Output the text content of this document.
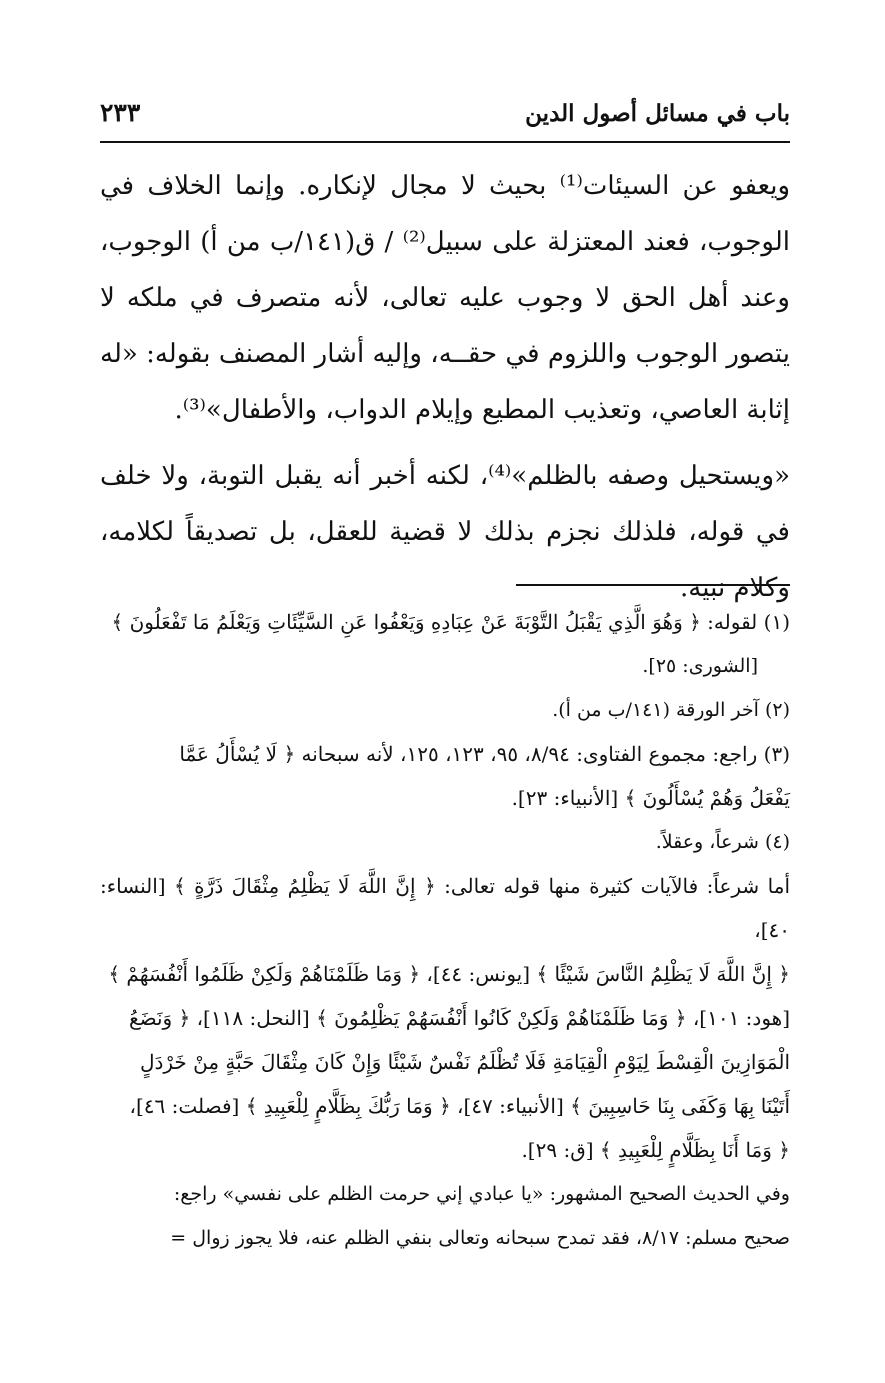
باب في مسائل أصول الدين
٢٣٣

ويعفو عن السيئات⁽¹⁾ بحيث لا مجال لإنكاره. وإنما الخلاف في الوجوب، فعند المعتزلة على سبيل⁽²⁾ / ق(١٤١/ب من أ) الوجوب، وعند أهل الحق لا وجوب عليه تعالى، لأنه متصرف في ملكه لا يتصور الوجوب واللزوم في حقــه، وإليه أشار المصنف بقوله: «له إثابة العاصي، وتعذيب المطيع وإيلام الدواب، والأطفال»⁽³⁾.

«ويستحيل وصفه بالظلم»⁽⁴⁾، لكنه أخبر أنه يقبل التوبة، ولا خلف في قوله، فلذلك نجزم بذلك لا قضية للعقل، بل تصديقاً لكلامه، وكلام نبيه.

(١) لقوله: ﴿ وَهُوَ الَّذِي يَقْبَلُ التَّوْبَةَ عَنْ عِبَادِهِ وَيَعْفُوا عَنِ السَّيِّئَاتِ وَيَعْلَمُ مَا تَفْعَلُونَ ﴾

[الشورى: ٢٥].

(٢) آخر الورقة (١٤١/ب من أ).

(٣) راجع: مجموع الفتاوى: ٨/٩٤، ٩٥، ١٢٣، ١٢٥، لأنه سبحانه ﴿ لَا يُسْأَلُ عَمَّا

يَفْعَلُ وَهُمْ يُسْأَلُونَ ﴾ [الأنبياء: ٢٣].

(٤) شرعاً، وعقلاً.

أما شرعاً: فالآيات كثيرة منها قوله تعالى: ﴿ إِنَّ اللَّهَ لَا يَظْلِمُ مِثْقَالَ ذَرَّةٍ ﴾ [النساء: ٤٠]،

﴿ إِنَّ اللَّهَ لَا يَظْلِمُ النَّاسَ شَيْئًا ﴾ [يونس: ٤٤]، ﴿ وَمَا ظَلَمْنَاهُمْ وَلَكِنْ ظَلَمُوا أَنْفُسَهُمْ ﴾

[هود: ١٠١]، ﴿ وَمَا ظَلَمْنَاهُمْ وَلَكِنْ كَانُوا أَنْفُسَهُمْ يَظْلِمُونَ ﴾ [النحل: ١١٨]، ﴿ وَنَضَعُ

الْمَوَازِينَ الْقِسْطَ لِيَوْمِ الْقِيَامَةِ فَلَا تُظْلَمُ نَفْسٌ شَيْئًا وَإِنْ كَانَ مِثْقَالَ حَبَّةٍ مِنْ خَرْدَلٍ

أَتَيْنَا بِهَا وَكَفَى بِنَا حَاسِبِينَ ﴾ [الأنبياء: ٤٧]، ﴿ وَمَا رَبُّكَ بِظَلَّامٍ لِلْعَبِيدِ ﴾ [فصلت: ٤٦]،

﴿ وَمَا أَنَا بِظَلَّامٍ لِلْعَبِيدِ ﴾ [ق: ٢٩].

وفي الحديث الصحيح المشهور: «يا عبادي إني حرمت الظلم على نفسي» راجع:

صحيح مسلم: ٨/١٧، فقد تمدح سبحانه وتعالى بنفي الظلم عنه، فلا يجوز زوال =
